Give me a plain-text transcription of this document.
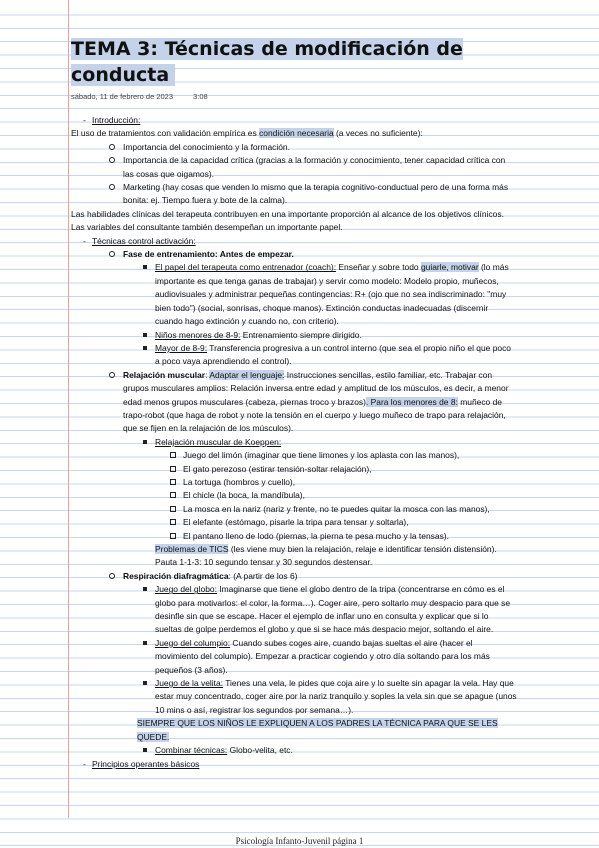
TEMA 3: Técnicas de modificación de conducta
sábado, 11 de febrero de 2023	3:08
- Introducción:

El uso de tratamientos con validación empírica es condición necesaria (a veces no suficiente):

Importancia del conocimiento y la formación.
Importancia de la capacidad crítica (gracias a la formación y conocimiento, tener capacidad crítica con las cosas que oigamos).
Marketing (hay cosas que venden lo mismo que la terapia cognitivo-conductual pero de una forma más bonita: ej. Tiempo fuera y bote de la calma).

Las habilidades clínicas del terapeuta contribuyen en una importante proporción al alcance de los objetivos clínicos. Las variables del consultante también desempeñan un importante papel.

- Técnicas control activación:
Fase de entrenamiento: Antes de empezar.
El papel del terapeuta como entrenador (coach): Enseñar y sobre todo guiarle, motivar (lo más importante es que tenga ganas de trabajar) y servir como modelo: Modelo propio, muñecos, audiovisuales y administrar pequeñas contingencias: R+ (ojo que no sea indiscriminado: "muy bien todo") (social, sonrisas, choque manos). Extinción conductas inadecuadas (discernir cuando hago extinción y cuando no, con criterio).
Niños menores de 8-9: Entrenamiento siempre dirigido.
Mayor de 8-9: Transferencia progresiva a un control interno (que sea el propio niño el que poco a poco vaya aprendiendo el control).
Relajación muscular: Adaptar el lenguaje: Instrucciones sencillas, estilo familiar, etc. Trabajar con grupos musculares amplios: Relación inversa entre edad y amplitud de los músculos, es decir, a menor edad menos grupos musculares (cabeza, piernas troco y brazos). Para los menores de 8: muñeco de trapo-robot (que haga de robot y note la tensión en el cuerpo y luego muñeco de trapo para relajación, que se fijen en la relajación de los músculos).
Relajación muscular de Koeppen:
Juego del limón (imaginar que tiene limones y los aplasta con las manos),
El gato perezoso (estirar tensión-soltar relajación),
La tortuga (hombros y cuello),
El chicle (la boca, la mandíbula),
La mosca en la nariz (nariz y frente, no te puedes quitar la mosca con las manos),
El elefante (estómago, pisarle la tripa para tensar y soltarla),
El pantano lleno de lodo (piernas, la pierna te pesa mucho y la tensas).

Problemas de TICS (les viene muy bien la relajación, relaje e identificar tensión distensión). Pauta 1-1-3: 10 segundo tensar y 30 segundos destensar.

Respiración diafragmática: (A partir de los 6)
Juego del globo: Imaginarse que tiene el globo dentro de la tripa (concentrarse en cómo es el globo para motivarlos: el color, la forma…). Coger aire, pero soltarlo muy despacio para que se desinfle sin que se escape. Hacer el ejemplo de inflar uno en consulta y explicar que si lo sueltas de golpe perdemos el globo y que si se hace más despacio mejor, soltando el aire.
Juego del columpio: Cuando subes coges aire, cuando bajas sueltas el aire (hacer el movimiento del columpio). Empezar a practicar cogiendo y otro día soltando para los más pequeños (3 años).
Juego de la velita: Tienes una vela, le pides que coja aire y lo suelte sin apagar la vela. Hay que estar muy concentrado, coger aire por la nariz tranquilo y soples la vela sin que se apague (unos 10 mins o así, registrar los segundos por semana…).

SIEMPRE QUE LOS NIÑOS LE EXPLIQUEN A LOS PADRES LA TÉCNICA PARA QUE SE LES QUEDE.

Combinar técnicas: Globo-velita, etc.
- Principios operantes básicos
Psicología Infanto-Juvenil página 1
